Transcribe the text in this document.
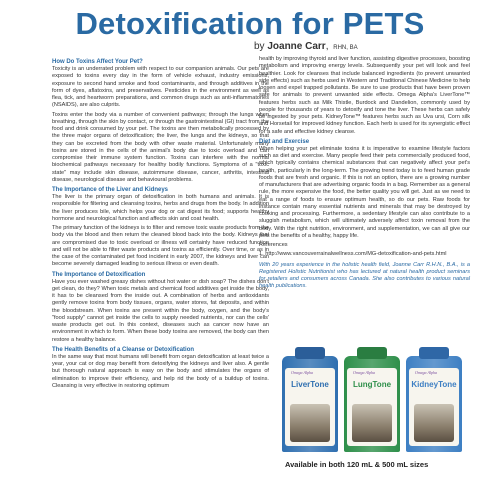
Detoxification for PETS
by Joanne Carr, RHN, BA
How Do Toxins Affect Your Pet?

Toxicity is an underrated problem with respect to our companion animals. Our pets are exposed to toxins every day in the form of vehicle exhaust, industry emissions, exposure to second hand smoke and food contaminants, and through additives in the form of dyes, aflatoxins, and preservatives. Pesticides in the environment as well as flea, tick, and heartworm preparations, and common drugs such as anti-inflammatories (NSAIDS), are also culprits.

Toxins enter the body via a number of convenient pathways; through the lungs when breathing, through the skin by contact, or through the gastrointestinal (GI) tract from the food and drink consumed by your pet. The toxins are then metabolically processed by the three major organs of detoxification; the liver, the lungs and the kidneys, so that they can be excreted from the body with other waste material. Unfortunately many toxins are stored in the cells of the animal's body due to toxic overload and can compromise their immune system function. Toxins can interfere with the normal biochemical pathways necessary for healthy bodily functions. Symptoms of a "toxic state" may include skin disease, autoimmune disease, cancer, arthritis, intestinal disease, neurological disease and behavioural problems.

The Importance of the Liver and Kidneys

The liver is the primary organ of detoxification in both humans and animals. It is responsible for filtering and cleansing toxins, herbs and drugs from the body. In addition the liver produces bile, which helps your dog or cat digest its food; supports healthy hormone and neurological function and affects skin and coat health.

The primary function of the kidneys is to filter and remove toxic waste products from the body via the blood and then return the cleaned blood back into the body. Kidneys that are compromised due to toxic overload or illness will certainly have reduced function and will not be able to filter waste products and toxins as efficiently. Over time, or as in the case of the contaminated pet food incident in early 2007, the kidneys and liver can become severely damaged leading to serious illness or even death.

The Importance of Detoxification

Have you ever washed greasy dishes without hot water or dish soap? The dishes don't get clean, do they? When toxic metals and chemical food additives get inside the body, it has to be cleansed from the inside out. A combination of herbs and antioxidants gently remove toxins from body tissues, organs, water stores, fat deposits, and within the bloodstream. When toxins are present within the body, oxygen, and the body's "food supply" cannot get inside the cells to supply needed nutrients, nor can the cells' waste products get out. In this context, diseases such as cancer now have an environment in which to form. When these body toxins are removed, the body can then restore a healthy balance.

The Health Benefits of a Cleanse or Detoxification

In the same way that most humans will benefit from organ detoxification at least twice a year, your cat or dog may benefit from detoxifying the kidneys and liver also. A gentle but thorough natural approach is easy on the body and stimulates the organs of elimination to improve their efficiency, and help rid the body of a buildup of toxins. Cleansing is very effective in restoring optimum

health by improving thyroid and liver function, assisting digestive processes, boosting metabolism and improving energy levels. Subsequently your pet will look and feel healthier. Look for cleanses that include balanced ingredients (to prevent unwanted side effects) such as herbs used in Western and Traditional Chinese Medicine to help loosen and expel trapped pollutants. Be sure to use products that have been proven safe for animals to prevent unwanted side effects. Omega Alpha's LiverTone™ features herbs such as Milk Thistle, Burdock and Dandelion, commonly used by people for thousands of years to detoxify and tone the liver. These herbs can safely be ingested by your pets. KidneyTone™ features herbs such as Uva ursi, Corn silk and Horsetail for improved kidney function. Each herb is used for its synergistic effect for a safe and effective kidney cleanse.

Diet and Exercise

When helping your pet eliminate toxins it is imperative to examine lifestyle factors such as diet and exercise. Many people feed their pets commercially produced food, which typically contains chemical substances that can negatively affect your pet's health, particularly in the long-term. The growing trend today is to feed human grade foods that are fresh and organic. If this is not an option, there are a growing number of manufacturers that are advertising organic foods in a bag. Remember as a general rule, the more expensive the food, the better quality you will get. Just as we need to eat a range of foods to ensure optimum health, so do our pets. Raw foods for instance contain many essential nutrients and minerals that may be destroyed by cooking and processing. Furthermore, a sedentary lifestyle can also contribute to a sluggish metabolism, which will ultimately adversely affect toxin removal from the body. With the right nutrition, environment, and supplementation, we can all give our pets the benefits of a healthy, happy life.

References

1. http://www.vancouverrainalwellness.com/MG-detoxification-and-pets.html

With 20 years experience in the holistic health field, Joanne Carr R.H.N., B.A., is a Registered Holistic Nutritionist who has lectured at natural health product seminars for retailers and consumers across Canada. She also contributes to various natural health publications.

Omega Alpha
LiverTone
Omega Alpha
LungTone
Omega Alpha
KidneyTone
Available in both 120 mL & 500 mL sizes
